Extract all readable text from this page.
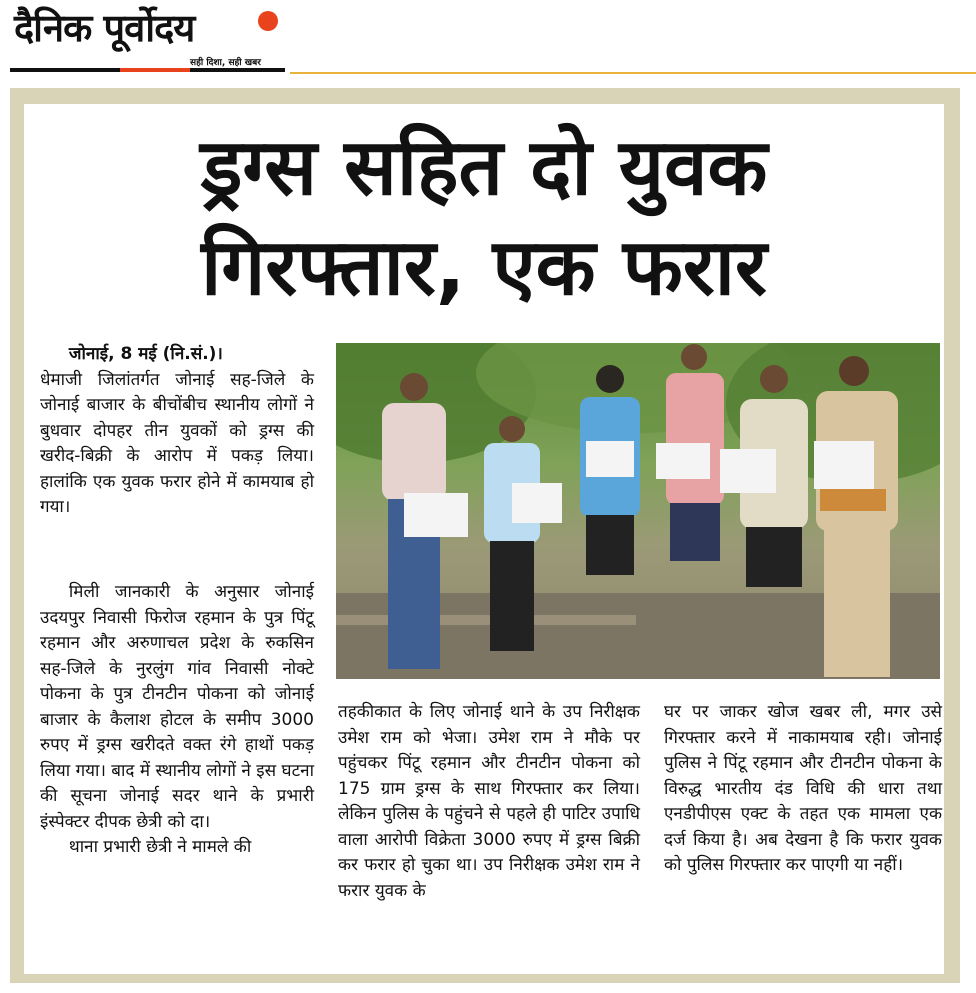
दैनिक पूर्वोदय
सही दिशा, सही खबर
ड्रग्स सहित दो युवक
गिरफ्तार, एक फरार
जोनाई, 8 मई (नि.सं.)।

धेमाजी जिलांतर्गत जोनाई सह-जिले के जोनाई बाजार के बीचोंबीच स्थानीय लोगों ने बुधवार दोपहर तीन युवकों को ड्रग्स की खरीद-बिक्री के आरोप में पकड़ लिया। हालांकि एक युवक फरार होने में कामयाब हो गया।

मिली जानकारी के अनुसार जोनाई उदयपुर निवासी फिरोज रहमान के पुत्र पिंटू रहमान और अरुणाचल प्रदेश के रुकसिन सह-जिले के नुरलुंग गांव निवासी नोक्टे पोकना के पुत्र टीनटीन पोकना को जोनाई बाजार के कैलाश होटल के समीप 3000 रुपए में ड्रग्स खरीदते वक्त रंगे हाथों पकड़ लिया गया। बाद में स्थानीय लोगों ने इस घटना की सूचना जोनाई सदर थाने के प्रभारी इंस्पेक्टर दीपक छेत्री को दा।

थाना प्रभारी छेत्री ने मामले की

तहकीकात के लिए जोनाई थाने के उप निरीक्षक उमेश राम को भेजा। उमेश राम ने मौके पर पहुंचकर पिंटू रहमान और टीनटीन पोकना को 175 ग्राम ड्रग्स के साथ गिरफ्तार कर लिया। लेकिन पुलिस के पहुंचने से पहले ही पाटिर उपाधि वाला आरोपी विक्रेता 3000 रुपए में ड्रग्स बिक्री कर फरार हो चुका था। उप निरीक्षक उमेश राम ने फरार युवक के

घर पर जाकर खोज खबर ली, मगर उसे गिरफ्तार करने में नाकामयाब रही। जोनाई पुलिस ने पिंटू रहमान और टीनटीन पोकना के विरुद्ध भारतीय दंड विधि की धारा तथा एनडीपीएस एक्ट के तहत एक मामला एक दर्ज किया है। अब देखना है कि फरार युवक को पुलिस गिरफ्तार कर पाएगी या नहीं।
